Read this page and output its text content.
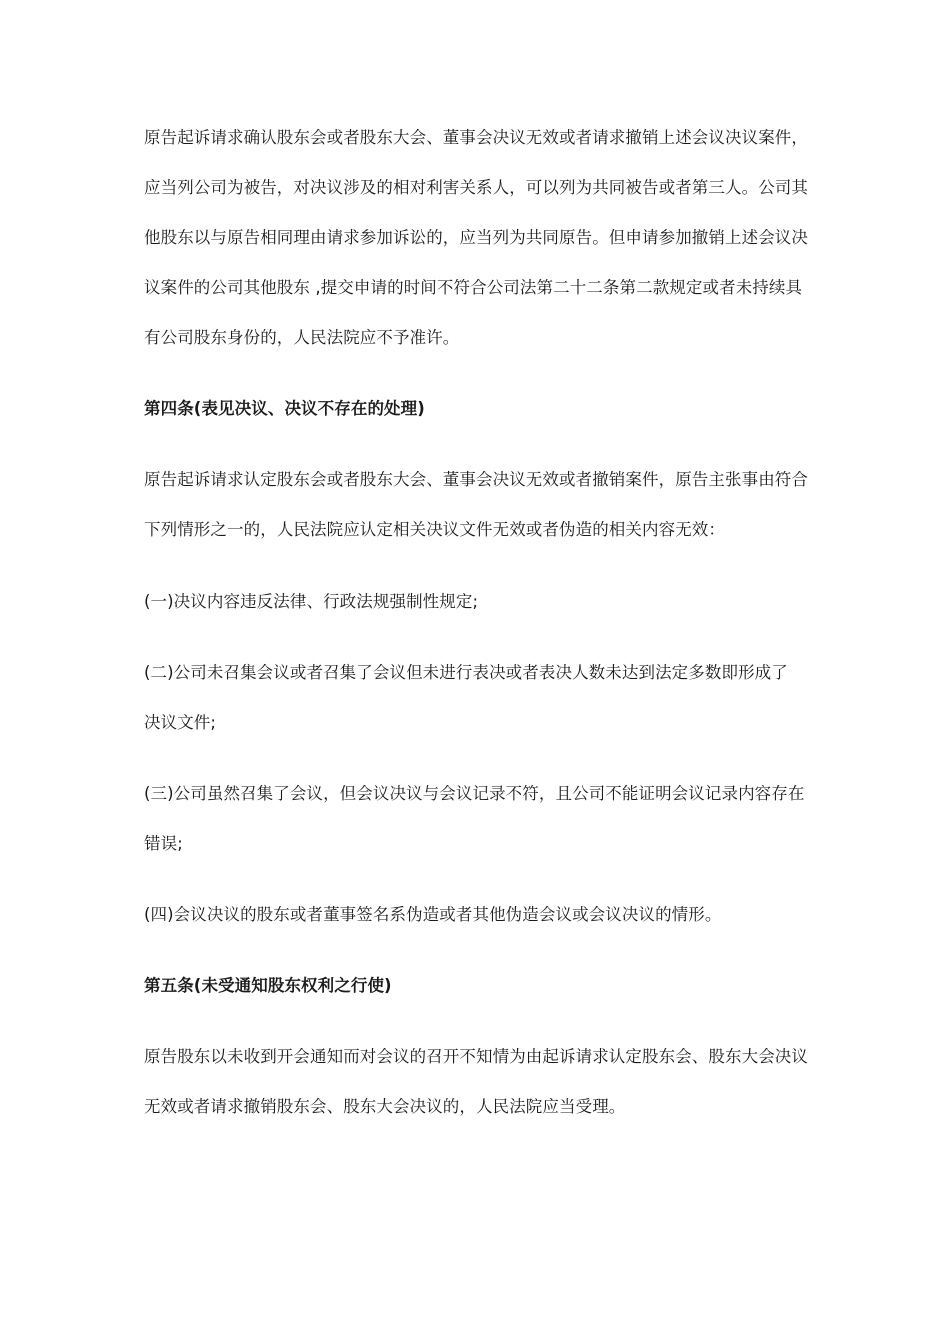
原告起诉请求确认股东会或者股东大会、董事会决议无效或者请求撤销上述会议决议案件，
应当列公司为被告，对决议涉及的相对利害关系人，可以列为共同被告或者第三人。公司其
他股东以与原告相同理由请求参加诉讼的，应当列为共同原告。但申请参加撤销上述会议决
议案件的公司其他股东 ,提交申请的时间不符合公司法第二十二条第二款规定或者未持续具
有公司股东身份的，人民法院应不予准许。
第四条(表见决议、决议不存在的处理)
原告起诉请求认定股东会或者股东大会、董事会决议无效或者撤销案件，原告主张事由符合
下列情形之一的，人民法院应认定相关决议文件无效或者伪造的相关内容无效：
(一)决议内容违反法律、行政法规强制性规定;
(二)公司未召集会议或者召集了会议但未进行表决或者表决人数未达到法定多数即形成了
决议文件;
(三)公司虽然召集了会议，但会议决议与会议记录不符，且公司不能证明会议记录内容存在
错误;
(四)会议决议的股东或者董事签名系伪造或者其他伪造会议或会议决议的情形。
第五条(未受通知股东权利之行使)
原告股东以未收到开会通知而对会议的召开不知情为由起诉请求认定股东会、股东大会决议
无效或者请求撤销股东会、股东大会决议的，人民法院应当受理。
